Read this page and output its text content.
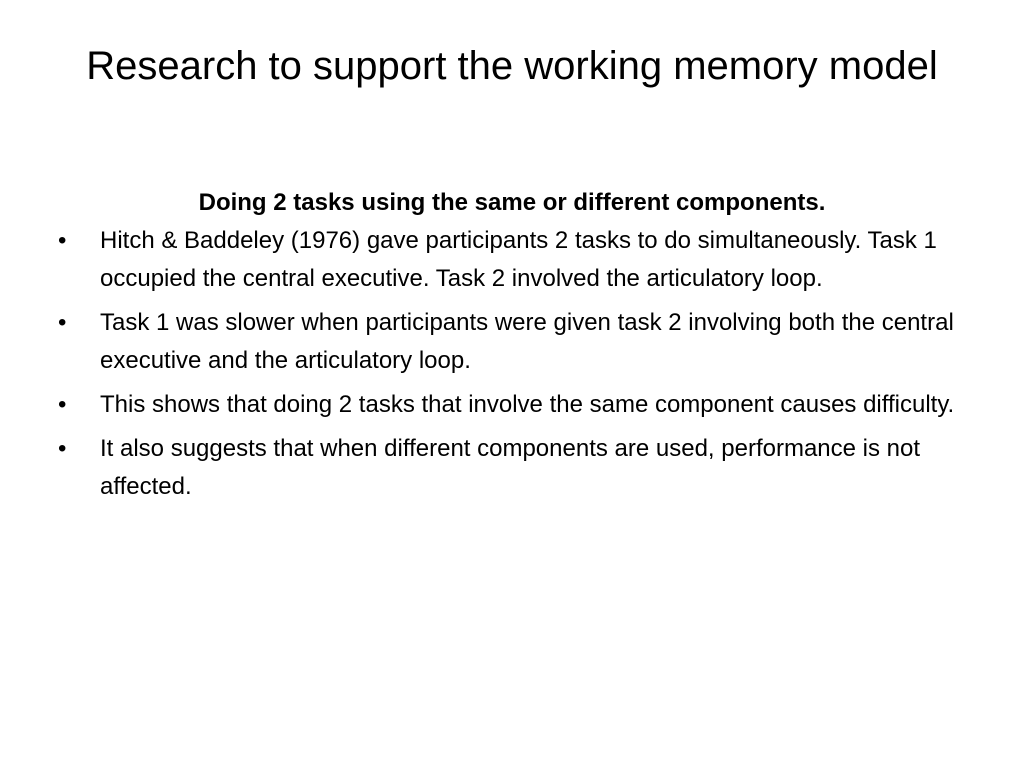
Research to support the working memory model
Doing 2 tasks using the same or different components.
•	Hitch & Baddeley (1976) gave participants 2 tasks to do simultaneously. Task 1 occupied the central executive. Task 2 involved the articulatory loop.
•	Task 1 was slower when participants were given task 2 involving both the central executive and the articulatory loop.
•	This shows that doing 2 tasks that involve the same component causes difficulty.
•	It also suggests that when different components are used, performance is not affected.
